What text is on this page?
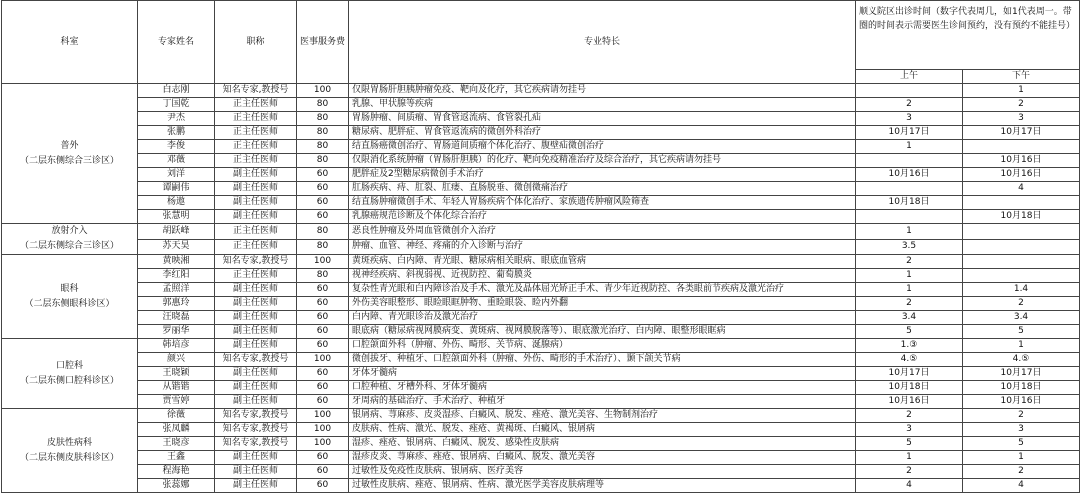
科室	专家姓名	职称	医事服务费	专业特长	顺义院区出诊时间（数字代表周几，如1代表周一。带圈的时间表示需要医生诊间预约，没有预约不能挂号）	
					上午	下午

普外
（二层东侧综合三诊区）	白志刚	知名专家,教授号	100	仅限胃肠肝胆胰肿瘤免疫、靶向及化疗，其它疾病请勿挂号		1
	丁国乾	正主任医师	80	乳腺、甲状腺等疾病	2	2
	尹杰	正主任医师	80	胃肠肿瘤、间质瘤、胃食管返流病、食管裂孔疝	3	3
	张鹏	正主任医师	80	糖尿病、肥胖症、胃食管返流病的微创外科治疗	10月17日	10月17日
	李俊	正主任医师	80	结直肠癌微创治疗、胃肠道间质瘤个体化治疗、腹壁疝微创治疗	1	
	邓薇	正主任医师	80	仅限消化系统肿瘤（胃肠肝胆胰）的化疗、靶向免疫精准治疗及综合治疗，其它疾病请勿挂号		10月16日
	刘洋	副主任医师	60	肥胖症及2型糖尿病微创手术治疗	10月16日	10月16日
	谭嗣伟	副主任医师	60	肛肠疾病、痔、肛裂、肛瘘、直肠脱垂、微创微痛治疗		4
	杨遨	副主任医师	60	结直肠肿瘤微创手术、年轻人胃肠疾病个体化治疗、家族遗传肿瘤风险筛查	10月18日	
	张慧明	副主任医师	60	乳腺癌规范诊断及个体化综合治疗		10月18日

放射介入
（二层东侧综合三诊区）	胡跃峰	正主任医师	80	恶良性肿瘤及外周血管微创介入治疗	1	
	苏天昊	正主任医师	80	肿瘤、血管、神经、疼痛的介入诊断与治疗	3.5	

眼科
（二层东侧眼科诊区）	黄映湘	知名专家,教授号	100	黄斑疾病、白内障、青光眼、糖尿病相关眼病、眼底血管病	2	
	李红阳	正主任医师	80	视神经疾病、斜视弱视、近视防控、葡萄膜炎	1	
	孟照洋	副主任医师	60	复杂性青光眼和白内障诊治及手术、激光及晶体屈光矫正手术、青少年近视防控、各类眼前节疾病及激光治疗	1	1.4
	郭惠玲	副主任医师	60	外伤美容眼整形、眼睑眼眶肿物、重睑眼袋、睑内外翻	2	2
	汪晓磊	副主任医师	60	白内障、青光眼诊治及激光治疗	3.4	3.4
	罗丽华	副主任医师	60	眼底病（糖尿病视网膜病变、黄斑病、视网膜脱落等）、眼底激光治疗、白内障、眼整形眼眶病	5	5

口腔科
（二层东侧口腔科诊区）	韩培彦	副主任医师	60	口腔颌面外科（肿瘤、外伤、畸形、关节病、涎腺病）	1.③	1
	颜兴	知名专家,教授号	100	微创拔牙、种植牙、口腔颌面外科（肿瘤、外伤、畸形的手术治疗）、颞下颌关节病	4.⑤	4.⑤
	王晓颖	副主任医师	60	牙体牙髓病	10月17日	10月17日
	从锴锴	副主任医师	60	口腔种植、牙槽外科、牙体牙髓病	10月18日	10月18日
	贾雪婷	副主任医师	60	牙周病的基础治疗、手术治疗、种植牙	10月16日	10月16日

皮肤性病科
（二层东侧皮肤科诊区）	徐薇	知名专家,教授号	100	银屑病、荨麻疹、皮炎湿疹、白癜风、脱发、痤疮、激光美容、生物制剂治疗	2	2
	张凤麟	知名专家,教授号	100	皮肤病、性病、激光、脱发、痤疮、黄褐斑、白癜风、银屑病	3	3
	王晓彦	知名专家,教授号	100	湿疹、痤疮、银屑病、白癜风、脱发、感染性皮肤病	5	5
	王鑫	副主任医师	60	湿疹皮炎、荨麻疹、痤疮、银屑病、白癜风、脱发、激光美容	1	1
	程海艳	副主任医师	60	过敏性及免疫性皮肤病、银屑病、医疗美容	2	2
	张蕊娜	副主任医师	60	过敏性皮肤病、痤疮、银屑病、性病、激光医学美容皮肤病理等	4	4
